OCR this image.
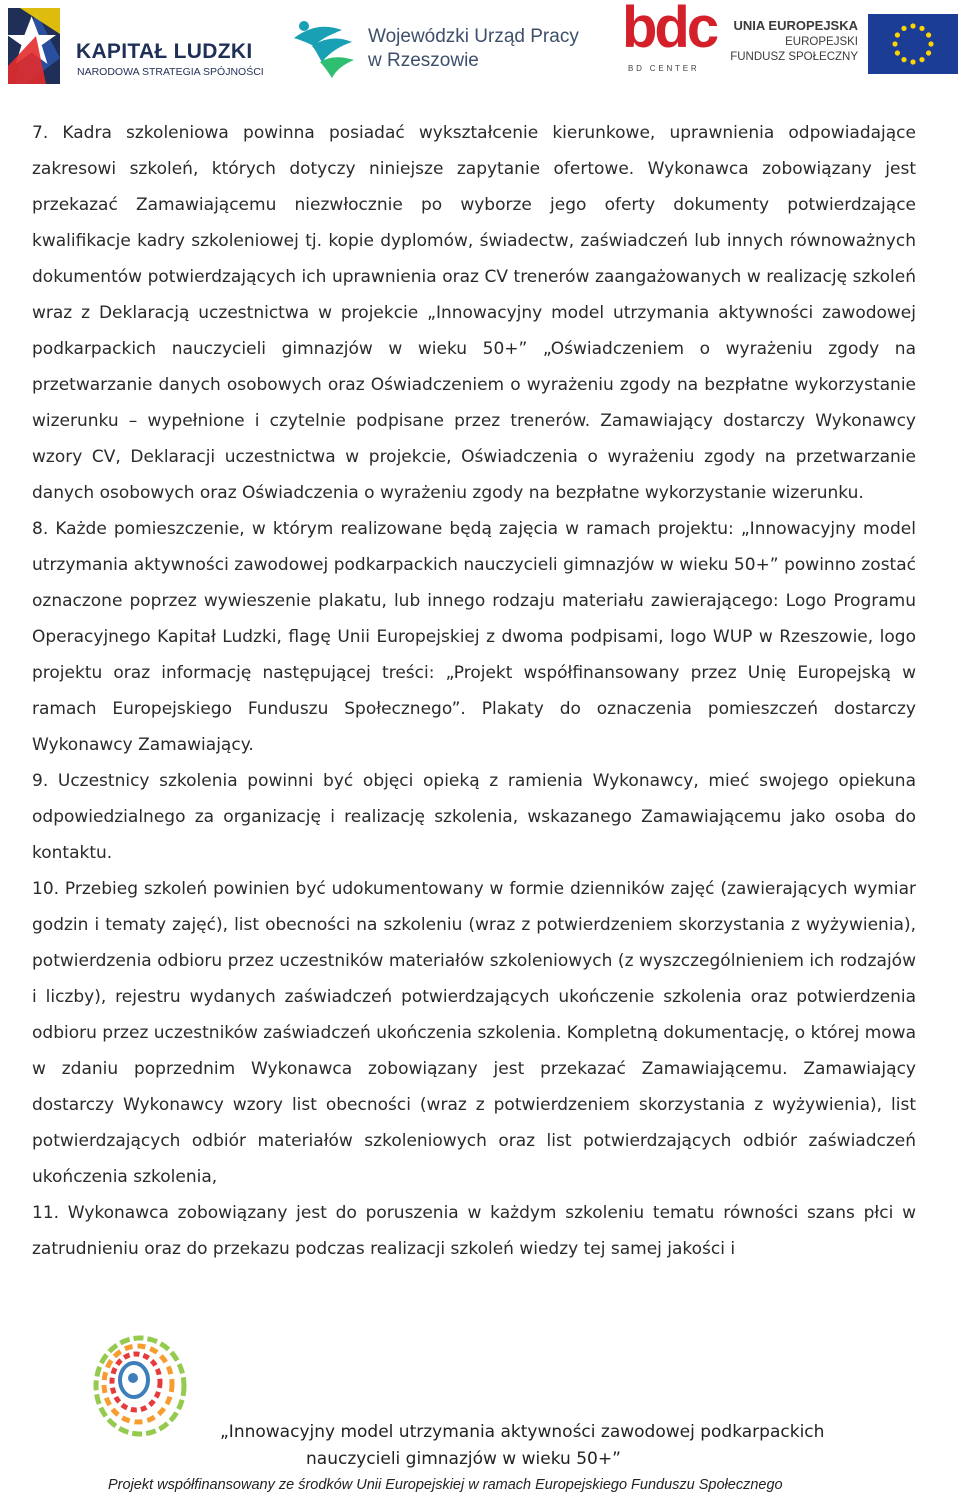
KAPITAŁ LUDZKI
NARODOWA STRATEGIA SPÓJNOŚCI
Wojewódzki Urząd Pracy
w Rzeszowie
bdc
BD CENTER
UNIA EUROPEJSKA
EUROPEJSKI
FUNDUSZ SPOŁECZNY

7. Kadra szkoleniowa powinna posiadać wykształcenie kierunkowe, uprawnienia odpowiadające zakresowi szkoleń, których dotyczy niniejsze zapytanie ofertowe. Wykonawca zobowiązany jest przekazać Zamawiającemu niezwłocznie po wyborze jego oferty dokumenty potwierdzające kwalifikacje kadry szkoleniowej tj. kopie dyplomów, świadectw, zaświadczeń lub innych równoważnych dokumentów potwierdzających ich uprawnienia oraz CV trenerów zaangażowanych w realizację szkoleń wraz z Deklaracją uczestnictwa w projekcie „Innowacyjny model utrzymania aktywności zawodowej podkarpackich nauczycieli gimnazjów w wieku 50+” „Oświadczeniem o wyrażeniu zgody na przetwarzanie danych osobowych oraz Oświadczeniem o wyrażeniu zgody na bezpłatne wykorzystanie wizerunku – wypełnione i czytelnie podpisane przez trenerów. Zamawiający dostarczy Wykonawcy wzory CV, Deklaracji uczestnictwa w projekcie, Oświadczenia o wyrażeniu zgody na przetwarzanie danych osobowych oraz Oświadczenia o wyrażeniu zgody na bezpłatne wykorzystanie wizerunku.

8. Każde pomieszczenie, w którym realizowane będą zajęcia w ramach projektu: „Innowacyjny model utrzymania aktywności zawodowej podkarpackich nauczycieli gimnazjów w wieku 50+” powinno zostać oznaczone poprzez wywieszenie plakatu, lub innego rodzaju materiału zawierającego: Logo Programu Operacyjnego Kapitał Ludzki, flagę Unii Europejskiej z dwoma podpisami, logo WUP w Rzeszowie, logo projektu oraz informację następującej treści: „Projekt współfinansowany przez Unię Europejską w ramach Europejskiego Funduszu Społecznego”. Plakaty do oznaczenia pomieszczeń dostarczy Wykonawcy Zamawiający.

9. Uczestnicy szkolenia powinni być objęci opieką z ramienia Wykonawcy, mieć swojego opiekuna odpowiedzialnego za organizację i realizację szkolenia, wskazanego Zamawiającemu jako osoba do kontaktu.

10. Przebieg szkoleń powinien być udokumentowany w formie dzienników zajęć (zawierających wymiar godzin i tematy zajęć), list obecności na szkoleniu (wraz z potwierdzeniem skorzystania z wyżywienia), potwierdzenia odbioru przez uczestników materiałów szkoleniowych (z wyszczególnieniem ich rodzajów i liczby), rejestru wydanych zaświadczeń potwierdzających ukończenie szkolenia oraz potwierdzenia odbioru przez uczestników zaświadczeń ukończenia szkolenia. Kompletną dokumentację, o której mowa w zdaniu poprzednim Wykonawca zobowiązany jest przekazać Zamawiającemu. Zamawiający dostarczy Wykonawcy wzory list obecności (wraz z potwierdzeniem skorzystania z wyżywienia), list potwierdzających odbiór materiałów szkoleniowych oraz list potwierdzających odbiór zaświadczeń ukończenia szkolenia,

11. Wykonawca zobowiązany jest do poruszenia w każdym szkoleniu tematu równości szans płci w zatrudnieniu oraz do przekazu podczas realizacji szkoleń wiedzy tej samej jakości i

„Innowacyjny model utrzymania aktywności zawodowej podkarpackich
nauczycieli gimnazjów w wieku 50+”
Projekt współfinansowany ze środków Unii Europejskiej w ramach Europejskiego Funduszu Społecznego
